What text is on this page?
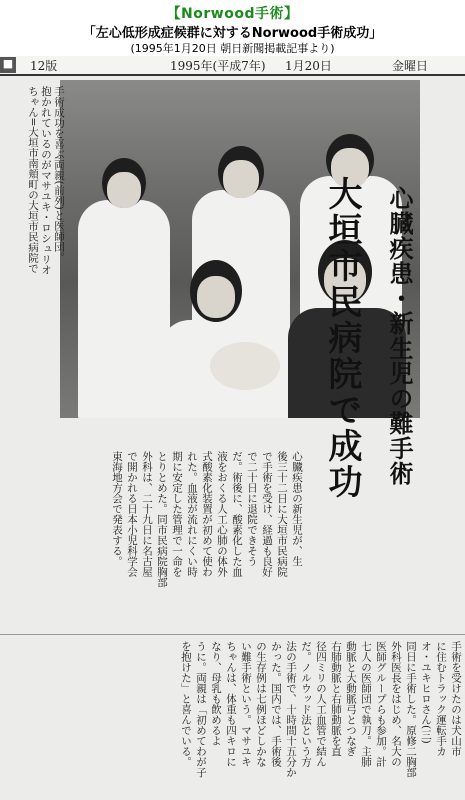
【Norwood手術】
「左心低形成症候群に対するNorwood手術成功」
(1995年1月20日 朝日新聞掲載記事より)
■ 12版	1995年(平成7年) 1月20日	金曜日
手術成功を喜ぶ両親(前列)と医師団。
抱かれているのがマサユキ・ロシュリオ
ちゃん=大垣市南頬町の大垣市民病院で
心臓疾患・新生児の難手術
大垣市民病院で成功
心臓疾患の新生児が、生
後三十二日に大垣市民病院
で手術を受け、経過も良好
で二十日に退院できそう
だ。術後に、酸素化した血
液をおくる人工心肺の体外
式酸素化装置が初めて使わ
れた。血液が流れにくい時
期に安定した管理で一命を
とりとめた。同市民病院胸部
外科は、二十九日に名古屋
で開かれる日本小児科学会
東海地方会で発表する。
手術を受けたのは犬山市
に住むトラック運転手カ
オ・ユキヒロさん(三)
同日に手術した。原修二胸部
外科医長をはじめ、名大の
医師グループらも参加。計
七人の医師団で執刀。主肺
動脈と大動脈弓とつなぎ
右肺動脈と右肺動脈を直
径四ミリの人工血管で結ん
だ。ノルウッド法という方
法の手術で、十時間十五分か
かった。国内では、手術後
の生存例は七例ほどしかな
い難手術という。マサユキ
ちゃんは、体重も四キロに
なり、母乳も飲めるよ
うに。両親は「初めてわが子
を抱けた」と喜んでいる。
